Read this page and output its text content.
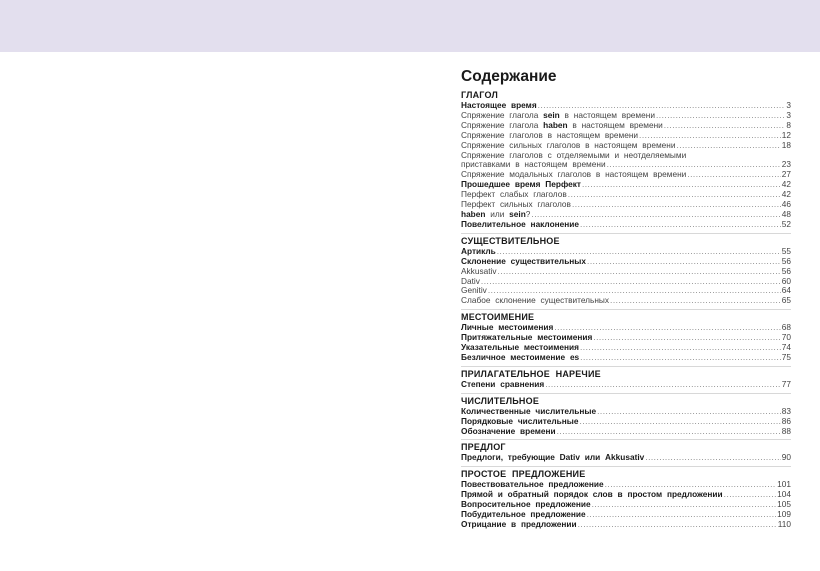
Содержание
ГЛАГОЛ
Настоящее время .....	3
Спряжение глагола sein в настоящем времени .....	3
Спряжение глагола haben в настоящем времени .....	8
Спряжение глаголов в настоящем времени .....	12
Спряжение сильных глаголов в настоящем времени .....	18
Спряжение глаголов с отделяемыми и неотделяемыми
приставками в настоящем времени .....	23
Спряжение модальных глаголов в настоящем времени .....	27
Прошедшее время Перфект .....	42
Перфект слабых глаголов .....	42
Перфект сильных глаголов .....	46
haben или sein? .....	48
Повелительное наклонение .....	52
СУЩЕСТВИТЕЛЬНОЕ
Артикль .....	55
Склонение существительных .....	56
Akkusativ .....	56
Dativ .....	60
Genitiv .....	64
Слабое склонение существительных .....	65
МЕСТОИМЕНИЕ
Личные местоимения .....	68
Притяжательные местоимения .....	70
Указательные местоимения .....	74
Безличное местоимение es .....	75
ПРИЛАГАТЕЛЬНОЕ НАРЕЧИЕ
Степени сравнения .....	77
ЧИСЛИТЕЛЬНОЕ
Количественные числительные .....	83
Порядковые числительные .....	86
Обозначение времени .....	88
ПРЕДЛОГ
Предлоги, требующие Dativ или Akkusativ .....	90
ПРОСТОЕ ПРЕДЛОЖЕНИЕ
Повествовательное предложение .....	101
Прямой и обратный порядок слов в простом предложении .....	104
Вопросительное предложение .....	105
Побудительное предложение .....	109
Отрицание в предложении .....	110
